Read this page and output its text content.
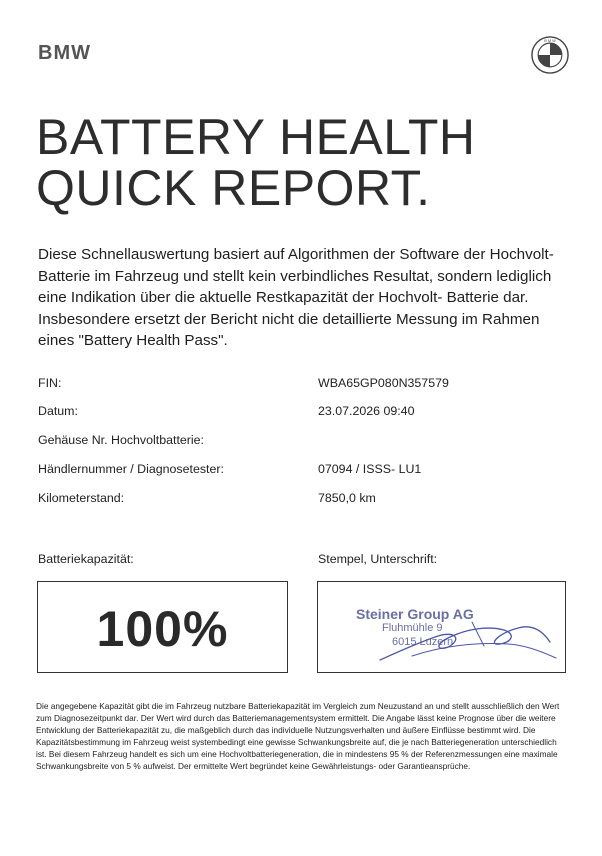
BMW
B M W
BATTERY HEALTH
QUICK REPORT.
Diese Schnellauswertung basiert auf Algorithmen der Software der Hochvolt- Batterie im Fahrzeug und stellt kein verbindliches Resultat, sondern lediglich eine Indikation über die aktuelle Restkapazität der Hochvolt- Batterie dar. Insbesondere ersetzt der Bericht nicht die detaillierte Messung im Rahmen eines "Battery Health Pass".
FIN:	WBA65GP080N357579
Datum:	23.07.2026 09:40
Gehäuse Nr. Hochvoltbatterie:
Händlernummer / Diagnosetester:	07094 / ISSS- LU1
Kilometerstand:	7850,0 km
Batteriekapazität:	Stempel, Unterschrift:
100%	Steiner Group AG
Fluhmühle 9
6015 Luzern
Die angegebene Kapazität gibt die im Fahrzeug nutzbare Batteriekapazität im Vergleich zum Neuzustand an und stellt ausschließlich den Wert zum Diagnosezeitpunkt dar. Der Wert wird durch das Batteriemanagementsystem ermittelt. Die Angabe lässt keine Prognose über die weitere Entwicklung der Batteriekapazität zu, die maßgeblich durch das individuelle Nutzungsverhalten und äußere Einflüsse bestimmt wird. Die Kapazitätsbestimmung im Fahrzeug weist systembedingt eine gewisse Schwankungsbreite auf, die je nach Batteriegeneration unterschiedlich ist. Bei diesem Fahrzeug handelt es sich um eine Hochvoltbatteriegeneration, die in mindestens 95 % der Referenzmessungen eine maximale Schwankungsbreite von 5 % aufweist. Der ermittelte Wert begründet keine Gewährleistungs- oder Garantieansprüche.
